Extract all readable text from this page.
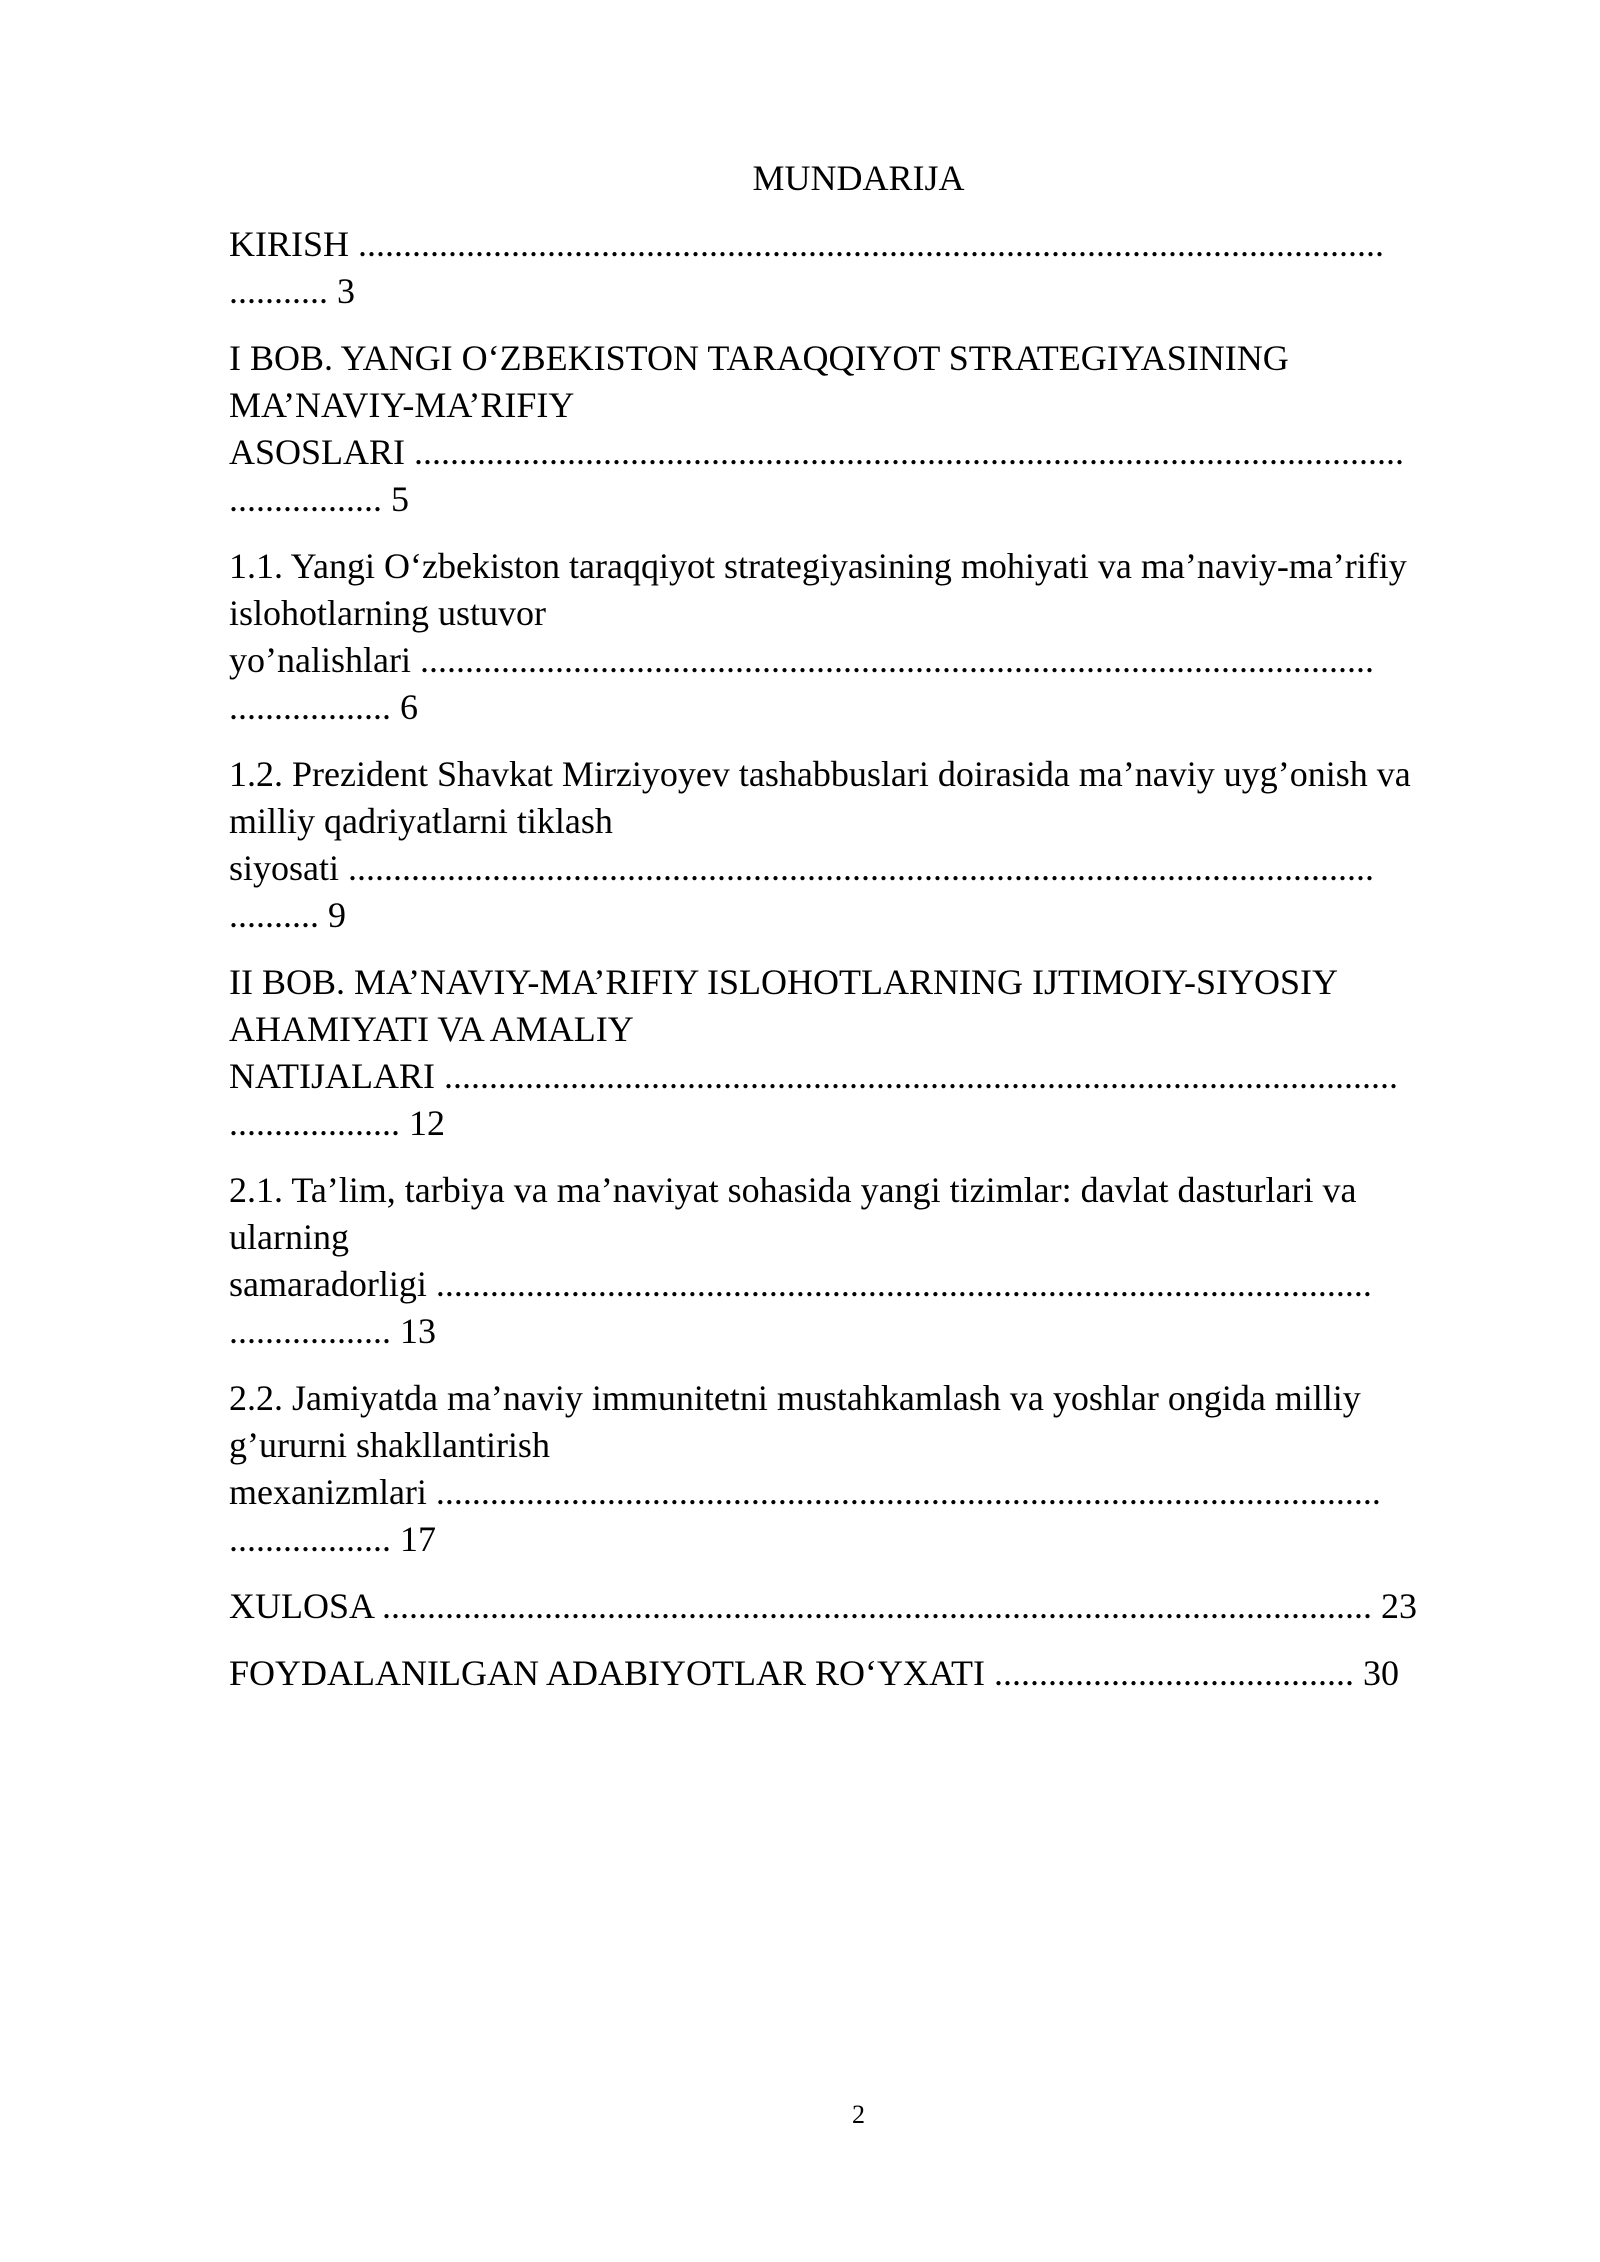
MUNDARIJA
KIRISH ..................................................................................................................
........... 3
I BOB. YANGI O‘ZBEKISTON TARAQQIYOT STRATEGIYASINING
MA’NAVIY-MA’RIFIY
ASOSLARI ..............................................................................................................
................. 5
1.1. Yangi O‘zbekiston taraqqiyot strategiyasining mohiyati va ma’naviy-ma’rifiy
islohotlarning ustuvor
yo’nalishlari ..........................................................................................................
.................. 6
1.2. Prezident Shavkat Mirziyoyev tashabbuslari doirasida ma’naviy uyg’onish va
milliy qadriyatlarni tiklash
siyosati ..................................................................................................................
.......... 9
II BOB. MA’NAVIY-MA’RIFIY ISLOHOTLARNING IJTIMOIY-SIYOSIY
AHAMIYATI VA AMALIY
NATIJALARI ..........................................................................................................
................... 12
2.1. Ta’lim, tarbiya va ma’naviyat sohasida yangi tizimlar: davlat dasturlari va
ularning
samaradorligi ........................................................................................................
.................. 13
2.2. Jamiyatda ma’naviy immunitetni mustahkamlash va yoshlar ongida milliy
g’ururni shakllantirish
mexanizmlari .........................................................................................................
.................. 17
XULOSA .............................................................................................................. 23
FOYDALANILGAN ADABIYOTLAR RO‘YXATI ........................................ 30
2
